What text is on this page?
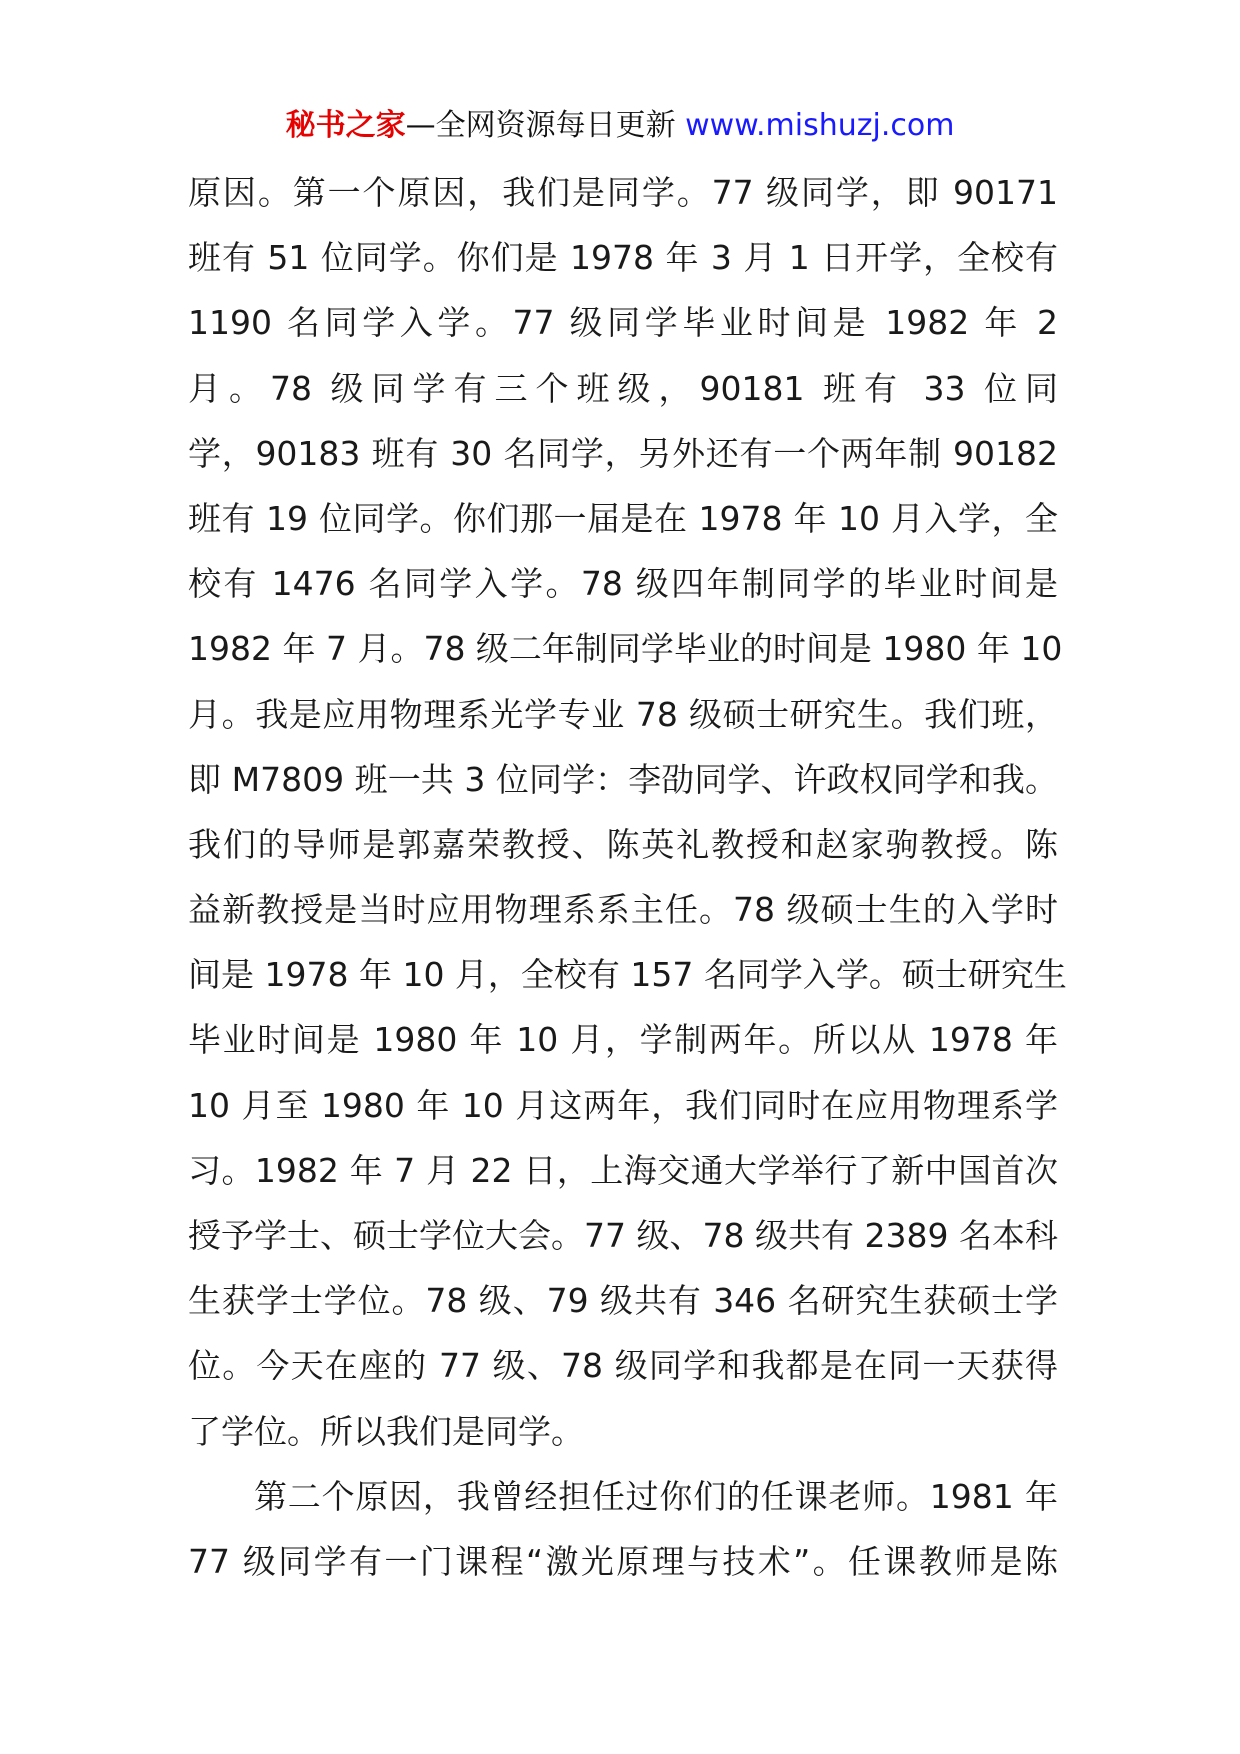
秘书之家—全网资源每日更新 www.mishuzj.com

原因。第一个原因，我们是同学。77 级同学，即 90171
班有 51 位同学。你们是 1978 年 3 月 1 日开学，全校有
1190 名同学入学。77 级同学毕业时间是 1982 年 2
月。78 级同学有三个班级，90181 班有 33 位同
学，90183 班有 30 名同学，另外还有一个两年制 90182
班有 19 位同学。你们那一届是在 1978 年 10 月入学，全
校有 1476 名同学入学。78 级四年制同学的毕业时间是
1982 年 7 月。78 级二年制同学毕业的时间是 1980 年 10
月。我是应用物理系光学专业 78 级硕士研究生。我们班，
即 M7809 班一共 3 位同学：李劭同学、许政权同学和我。
我们的导师是郭嘉荣教授、陈英礼教授和赵家驹教授。陈
益新教授是当时应用物理系系主任。78 级硕士生的入学时
间是 1978 年 10 月，全校有 157 名同学入学。硕士研究生
毕业时间是 1980 年 10 月，学制两年。所以从 1978 年
10 月至 1980 年 10 月这两年，我们同时在应用物理系学
习。1982 年 7 月 22 日，上海交通大学举行了新中国首次
授予学士、硕士学位大会。77 级、78 级共有 2389 名本科
生获学士学位。78 级、79 级共有 346 名研究生获硕士学
位。今天在座的 77 级、78 级同学和我都是在同一天获得
了学位。所以我们是同学。

第二个原因，我曾经担任过你们的任课老师。1981 年
77 级同学有一门课程“激光原理与技术”。任课教师是陈
